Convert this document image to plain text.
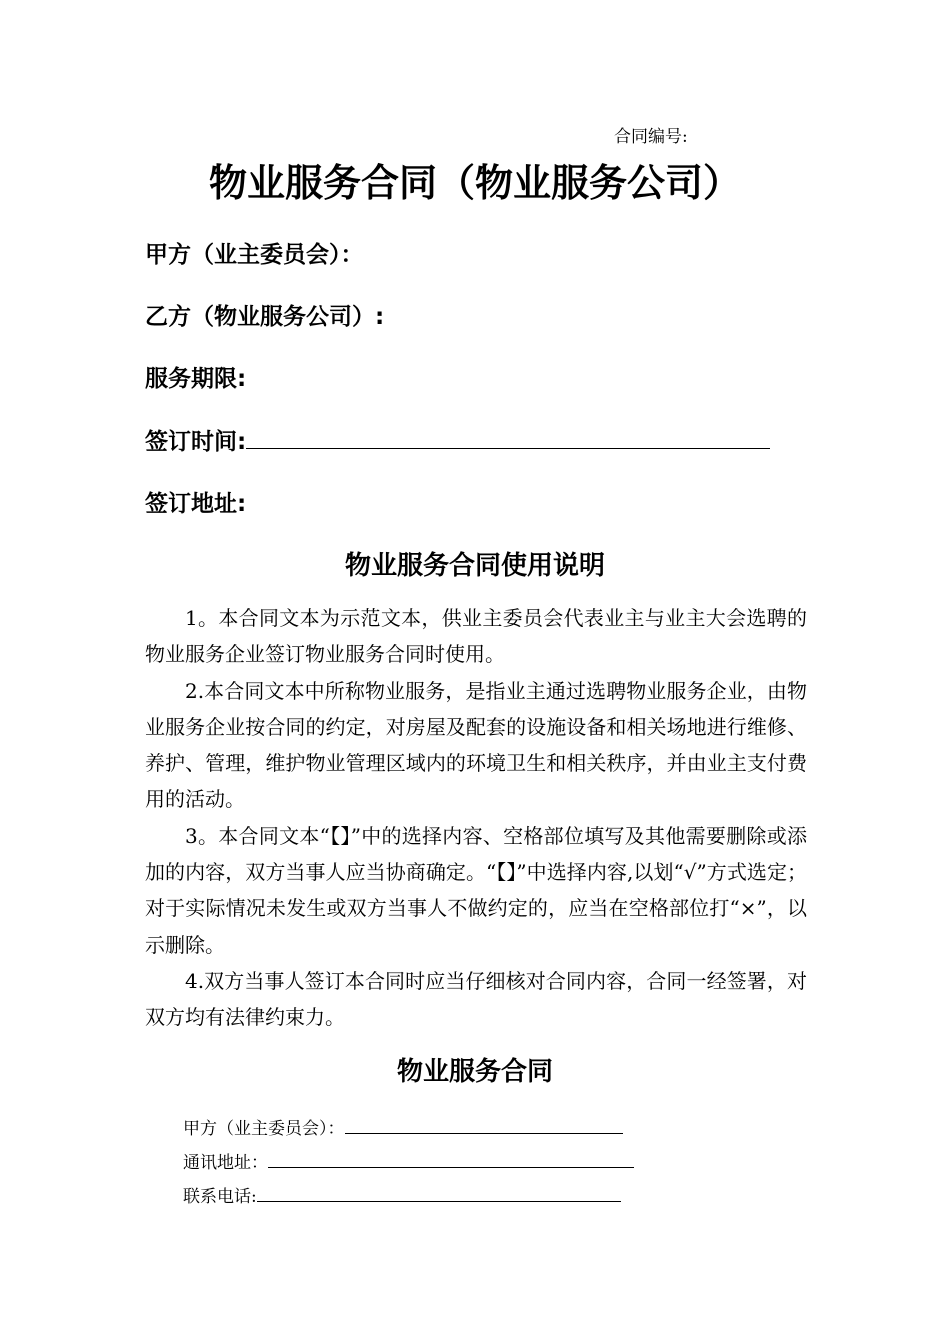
合同编号:
物业服务合同（物业服务公司）
甲方（业主委员会）：
乙方（物业服务公司）:
服务期限:
签订时间:
签订地址:
物业服务合同使用说明

1。本合同文本为示范文本，供业主委员会代表业主与业主大会选聘的物业服务企业签订物业服务合同时使用。

2.本合同文本中所称物业服务，是指业主通过选聘物业服务企业，由物业服务企业按合同的约定，对房屋及配套的设施设备和相关场地进行维修、养护、管理，维护物业管理区域内的环境卫生和相关秩序，并由业主支付费用的活动。

3。本合同文本“【】”中的选择内容、空格部位填写及其他需要删除或添加的内容，双方当事人应当协商确定。“【】”中选择内容,以划“√”方式选定；对于实际情况未发生或双方当事人不做约定的，应当在空格部位打“×”，以示删除。

4.双方当事人签订本合同时应当仔细核对合同内容，合同一经签署，对双方均有法律约束力。

物业服务合同
甲方（业主委员会）：
通讯地址：
联系电话:
